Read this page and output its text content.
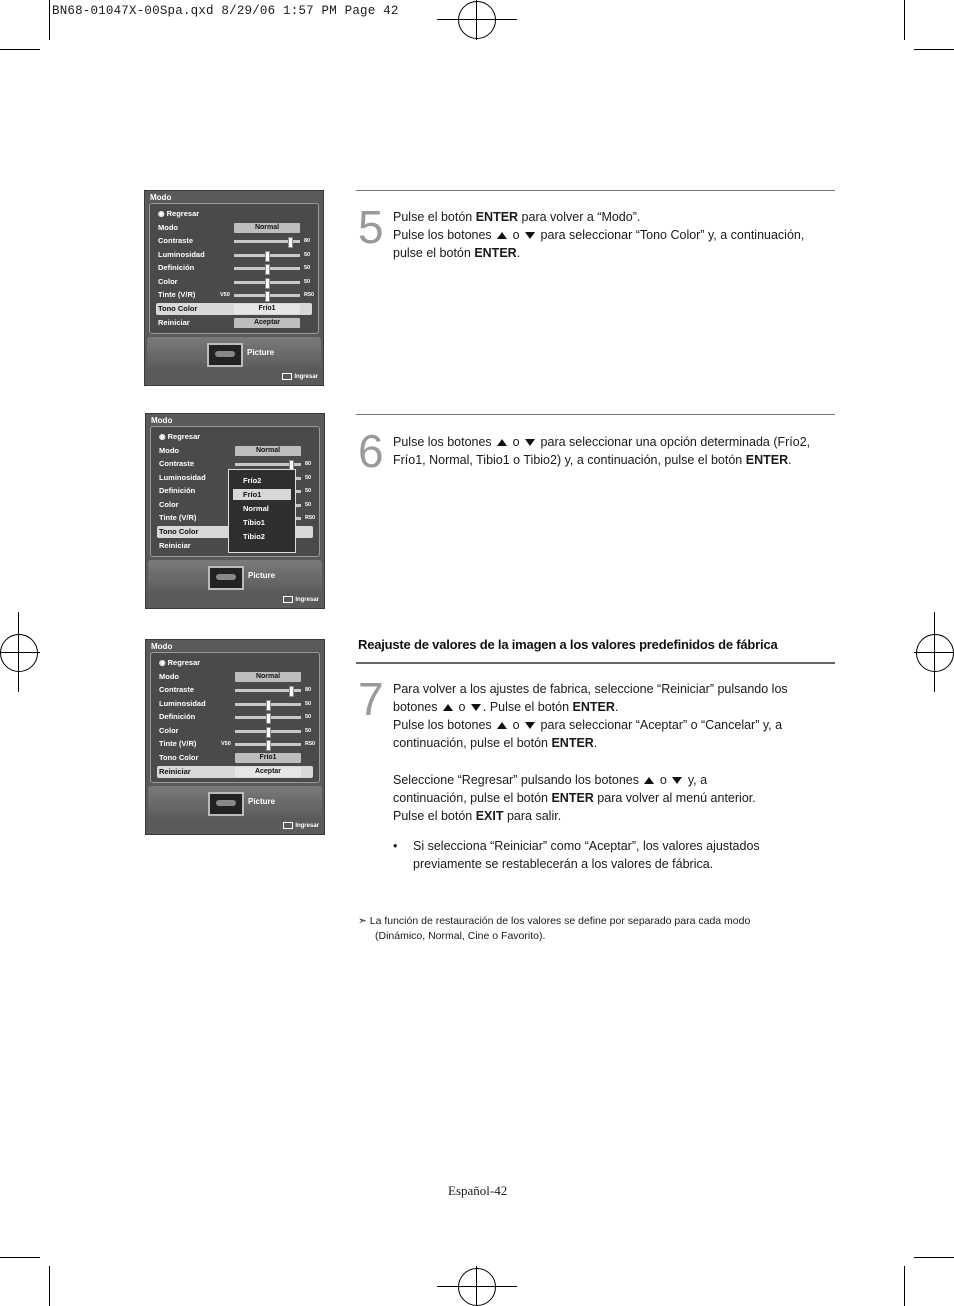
BN68-01047X-00Spa.qxd 8/29/06 1:57 PM Page 42
Modo
◉ Regresar
Modo	Normal
Contraste	80
Luminosidad	50
Definición	50
Color	50
Tinte (V/R)	V50	R50
Tono Color	Frío1
Reiniciar	Aceptar
Picture
Ingresar
Modo
◉ Regresar
Modo	Normal
Contraste	80
Luminosidad	50
Definición	50
Color	50
Tinte (V/R)	R50
Tono Color
Reiniciar
Frío2
Frío1
Normal
Tibio1
Tibio2
Picture
Ingresar
Modo
◉ Regresar
Modo	Normal
Contraste	80
Luminosidad	50
Definición	50
Color	50
Tinte (V/R)	V50	R50
Tono Color	Frío1
Reiniciar	Aceptar
Picture
Ingresar
5 Pulse el botón ENTER para volver a “Modo”.
Pulse los botones  o  para seleccionar “Tono Color” y, a continuación,
pulse el botón ENTER.
6 Pulse los botones  o  para seleccionar una opción determinada (Frío2,
Frío1, Normal, Tibio1 o Tibio2) y, a continuación, pulse el botón ENTER.
Reajuste de valores de la imagen a los valores predefinidos de fábrica
7 Para volver a los ajustes de fabrica, seleccione “Reiniciar” pulsando los
botones  o . Pulse el botón ENTER.
Pulse los botones  o  para seleccionar “Aceptar” o “Cancelar” y, a
continuación, pulse el botón ENTER.
Seleccione “Regresar” pulsando los botones  o  y, a
continuación, pulse el botón ENTER para volver al menú anterior.
Pulse el botón EXIT para salir.
• Si selecciona “Reiniciar” como “Aceptar”, los valores ajustados
previamente se restablecerán a los valores de fábrica.
➣ La función de restauración de los valores se define por separado para cada modo
(Dinámico, Normal, Cine o Favorito).
Español-42
